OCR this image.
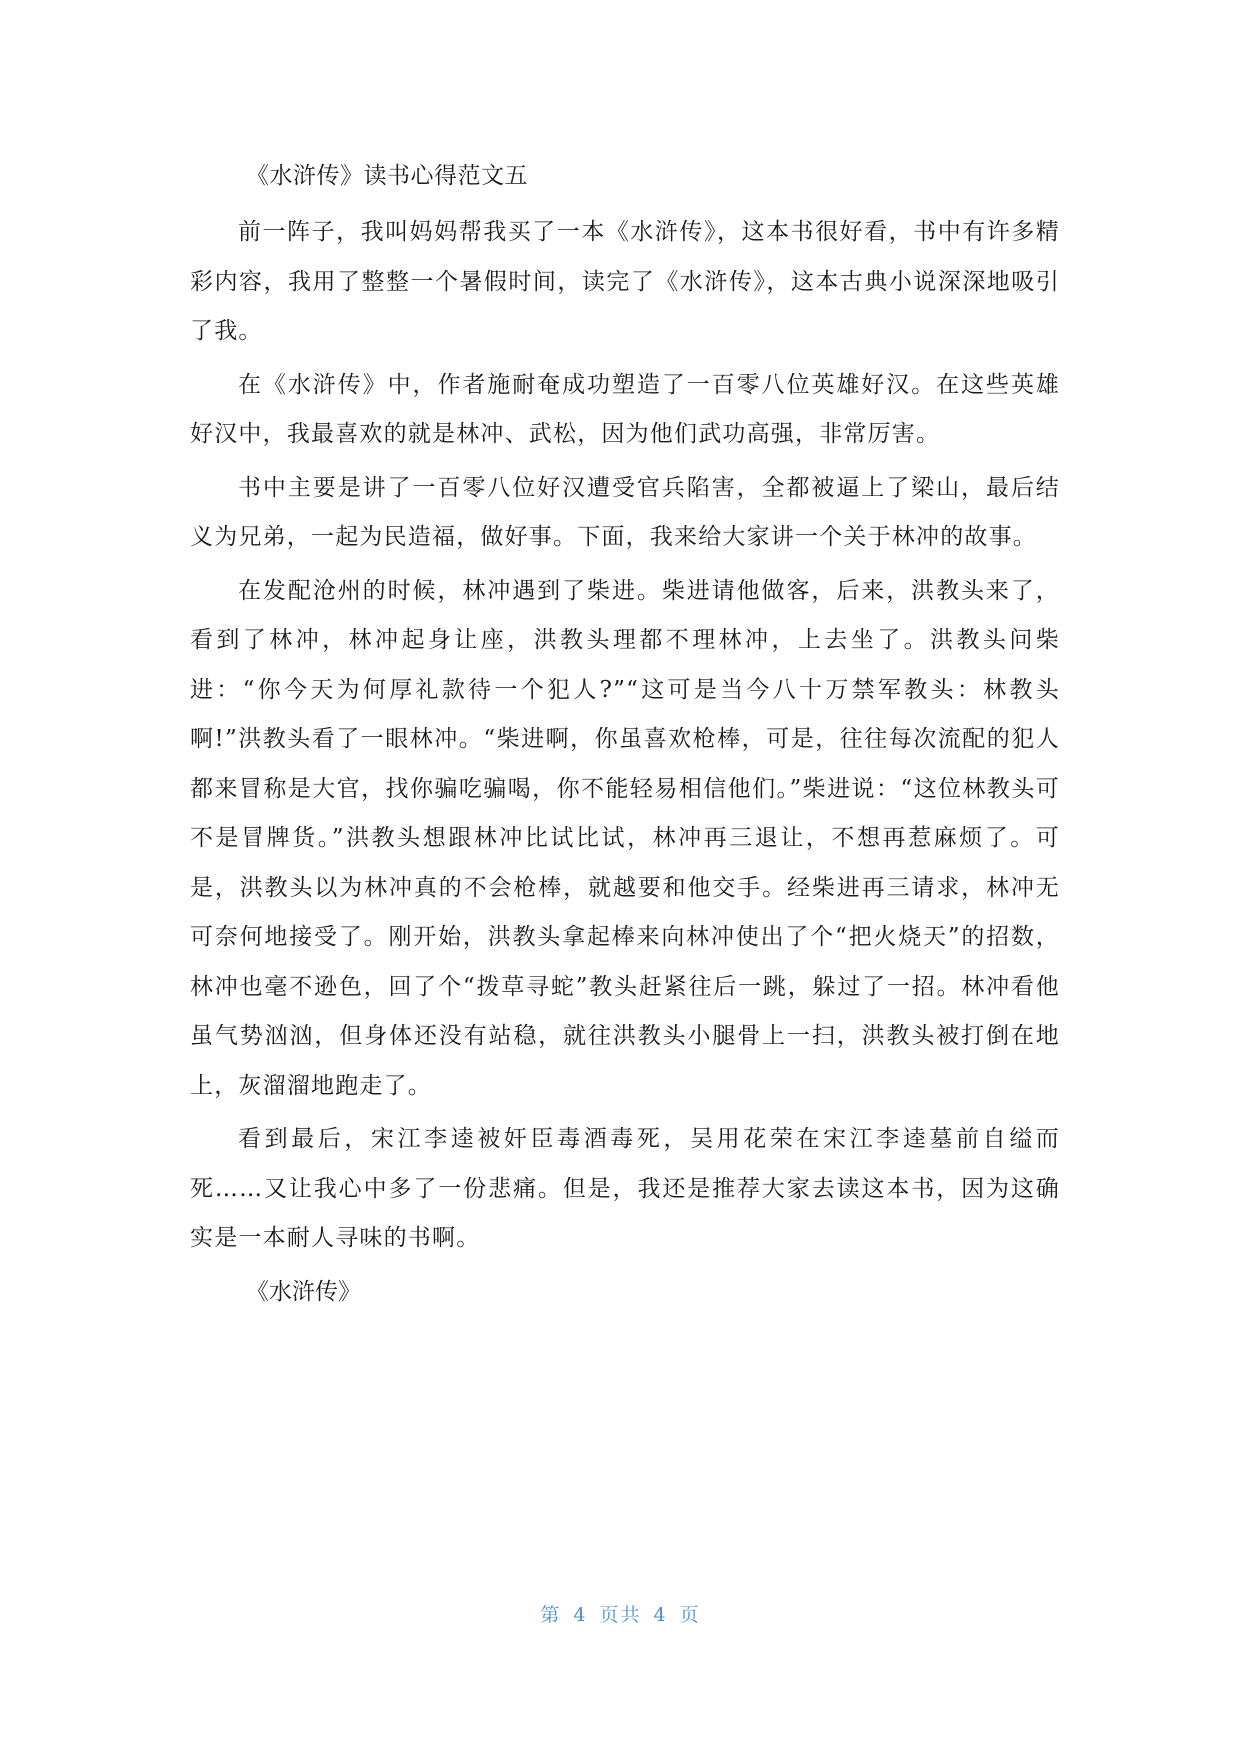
《水浒传》读书心得范文五

前一阵子，我叫妈妈帮我买了一本《水浒传》，这本书很好看，书中有许多精彩内容，我用了整整一个暑假时间，读完了《水浒传》，这本古典小说深深地吸引了我。

在《水浒传》中，作者施耐奄成功塑造了一百零八位英雄好汉。在这些英雄好汉中，我最喜欢的就是林冲、武松，因为他们武功高强，非常厉害。

书中主要是讲了一百零八位好汉遭受官兵陷害，全都被逼上了梁山，最后结义为兄弟，一起为民造福，做好事。下面，我来给大家讲一个关于林冲的故事。

在发配沧州的时候，林冲遇到了柴进。柴进请他做客，后来，洪教头来了，看到了林冲，林冲起身让座，洪教头理都不理林冲，上去坐了。洪教头问柴进：“你今天为何厚礼款待一个犯人?”“这可是当今八十万禁军教头：林教头啊!”洪教头看了一眼林冲。“柴进啊，你虽喜欢枪棒，可是，往往每次流配的犯人都来冒称是大官，找你骗吃骗喝，你不能轻易相信他们。”柴进说：“这位林教头可不是冒牌货。”洪教头想跟林冲比试比试，林冲再三退让，不想再惹麻烦了。可是，洪教头以为林冲真的不会枪棒，就越要和他交手。经柴进再三请求，林冲无可奈何地接受了。刚开始，洪教头拿起棒来向林冲使出了个“把火烧天”的招数，林冲也毫不逊色，回了个“拨草寻蛇”教头赶紧往后一跳，躲过了一招。林冲看他虽气势汹汹，但身体还没有站稳，就往洪教头小腿骨上一扫，洪教头被打倒在地上，灰溜溜地跑走了。

看到最后，宋江李逵被奸臣毒酒毒死，吴用花荣在宋江李逵墓前自缢而死……又让我心中多了一份悲痛。但是，我还是推荐大家去读这本书，因为这确实是一本耐人寻味的书啊。

《水浒传》

第 4 页共 4 页
